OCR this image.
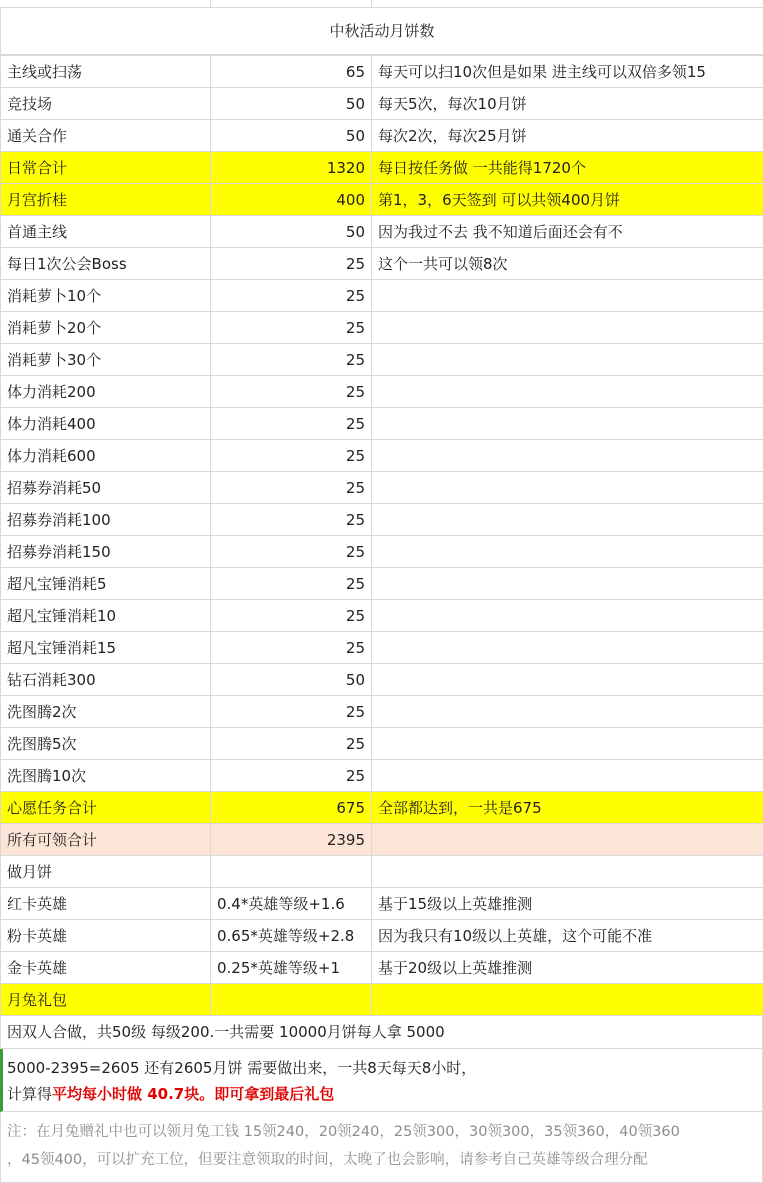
中秋活动月饼数
主线或扫荡	65	每天可以扫10次但是如果 进主线可以双倍多领15
竞技场	50	每天5次，每次10月饼
通关合作	50	每次2次，每次25月饼
日常合计	1320	每日按任务做 一共能得1720个
月宫折桂	400	第1，3，6天签到 可以共领400月饼
首通主线	50	因为我过不去 我不知道后面还会有不
每日1次公会Boss	25	这个一共可以领8次
消耗萝卜10个	25	
消耗萝卜20个	25	
消耗萝卜30个	25	
体力消耗200	25	
体力消耗400	25	
体力消耗600	25	
招募券消耗50	25	
招募券消耗100	25	
招募券消耗150	25	
超凡宝锤消耗5	25	
超凡宝锤消耗10	25	
超凡宝锤消耗15	25	
钻石消耗300	50	
洗图腾2次	25	
洗图腾5次	25	
洗图腾10次	25	
心愿任务合计	675	全部都达到，一共是675
所有可领合计	2395	
做月饼		
红卡英雄	0.4*英雄等级+1.6	基于15级以上英雄推测
粉卡英雄	0.65*英雄等级+2.8	因为我只有10级以上英雄，这个可能不准
金卡英雄	0.25*英雄等级+1	基于20级以上英雄推测
月兔礼包		
因双人合做，共50级 每级200.一共需要 10000月饼每人拿 5000
5000-2395=2605 还有2605月饼 需要做出来，一共8天每天8小时，
计算得平均每小时做 40.7块。即可拿到最后礼包
注：在月兔赠礼中也可以领月兔工钱 15领240，20领240，25领300，30领300，35领360，40领360
，45领400，可以扩充工位，但要注意领取的时间，太晚了也会影响，请参考自己英雄等级合理分配
